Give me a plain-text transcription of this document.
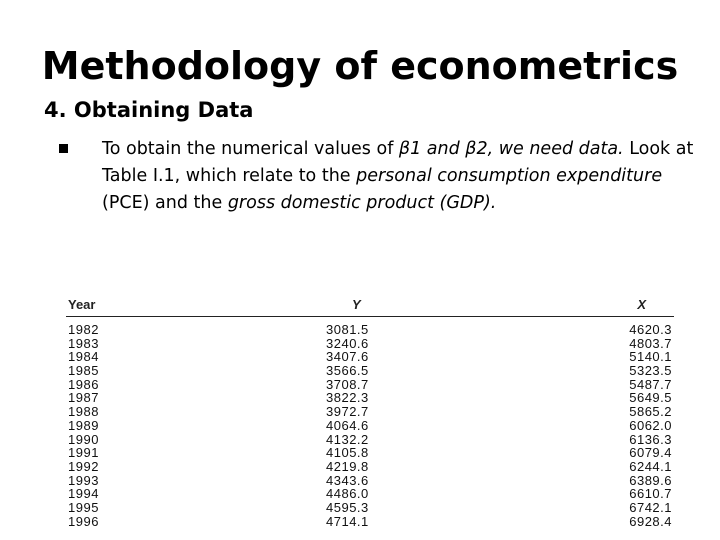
Methodology of econometrics
4. Obtaining Data
To obtain the numerical values of β1 and β2, we need data. Look at Table I.1, which relate to the personal consumption expenditure (PCE) and the gross domestic product (GDP).
Year	Y	X
1982	3081.5	4620.3
1983	3240.6	4803.7
1984	3407.6	5140.1
1985	3566.5	5323.5
1986	3708.7	5487.7
1987	3822.3	5649.5
1988	3972.7	5865.2
1989	4064.6	6062.0
1990	4132.2	6136.3
1991	4105.8	6079.4
1992	4219.8	6244.1
1993	4343.6	6389.6
1994	4486.0	6610.7
1995	4595.3	6742.1
1996	4714.1	6928.4
